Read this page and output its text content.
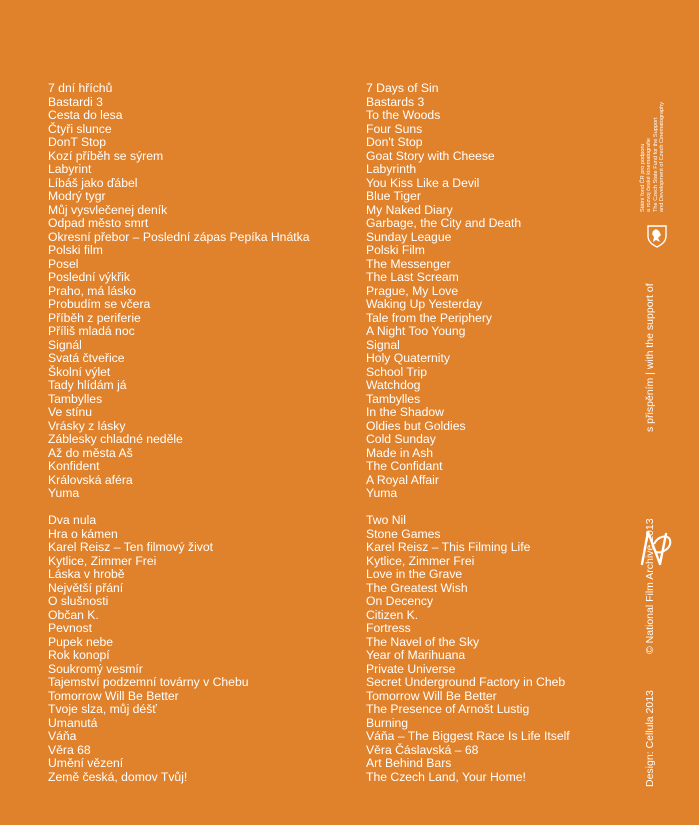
7 dní hříchů
Bastardi 3
Cesta do lesa
Čtyři slunce
DonT Stop
Kozí příběh se sýrem
Labyrint
Líbáš jako ďábel
Modrý tygr
Můj vysvlečenej deník
Odpad město smrt
Okresní přebor – Poslední zápas Pepíka Hnátka
Polski film
Posel
Poslední výkřik
Praho, má lásko
Probudím se včera
Příběh z periferie
Příliš mladá noc
Signál
Svatá čtveřice
Školní výlet
Tady hlídám já
Tambylles
Ve stínu
Vrásky z lásky
Záblesky chladné neděle
Až do města Aš
Konfident
Královská aféra
Yuma
Dva nula
Hra o kámen
Karel Reisz – Ten filmový život
Kytlice, Zimmer Frei
Láska v hrobě
Největší přání
O slušnosti
Občan K.
Pevnost
Pupek nebe
Rok konopí
Soukromý vesmír
Tajemství podzemní továrny v Chebu
Tomorrow Will Be Better
Tvoje slza, můj déšť
Umanutá
Váňa
Věra 68
Umění vězení
Země česká, domov Tvůj!
7 Days of Sin
Bastards 3
To the Woods
Four Suns
Don't Stop
Goat Story with Cheese
Labyrinth
You Kiss Like a Devil
Blue Tiger
My Naked Diary
Garbage, the City and Death
Sunday League
Polski Film
The Messenger
The Last Scream
Prague, My Love
Waking Up Yesterday
Tale from the Periphery
A Night Too Young
Signal
Holy Quaternity
School Trip
Watchdog
Tambylles
In the Shadow
Oldies but Goldies
Cold Sunday
Made in Ash
The Confidant
A Royal Affair
Yuma
Two Nil
Stone Games
Karel Reisz – This Filming Life
Kytlice, Zimmer Frei
Love in the Grave
The Greatest Wish
On Decency
Citizen K.
Fortress
The Navel of the Sky
Year of Marihuana
Private Universe
Secret Underground Factory in Cheb
Tomorrow Will Be Better
The Presence of Arnošt Lustig
Burning
Váňa – The Biggest Race Is Life Itself
Věra Čáslavská – 68
Art Behind Bars
The Czech Land, Your Home!	Design: Cellula 2013
© National Film Archive 2013
s přispěním | with the support of
Státní fond ČR pro podporu a rozvoj české kinematografie The Czech State Fund for the Support and Development of Czech Cinematography
